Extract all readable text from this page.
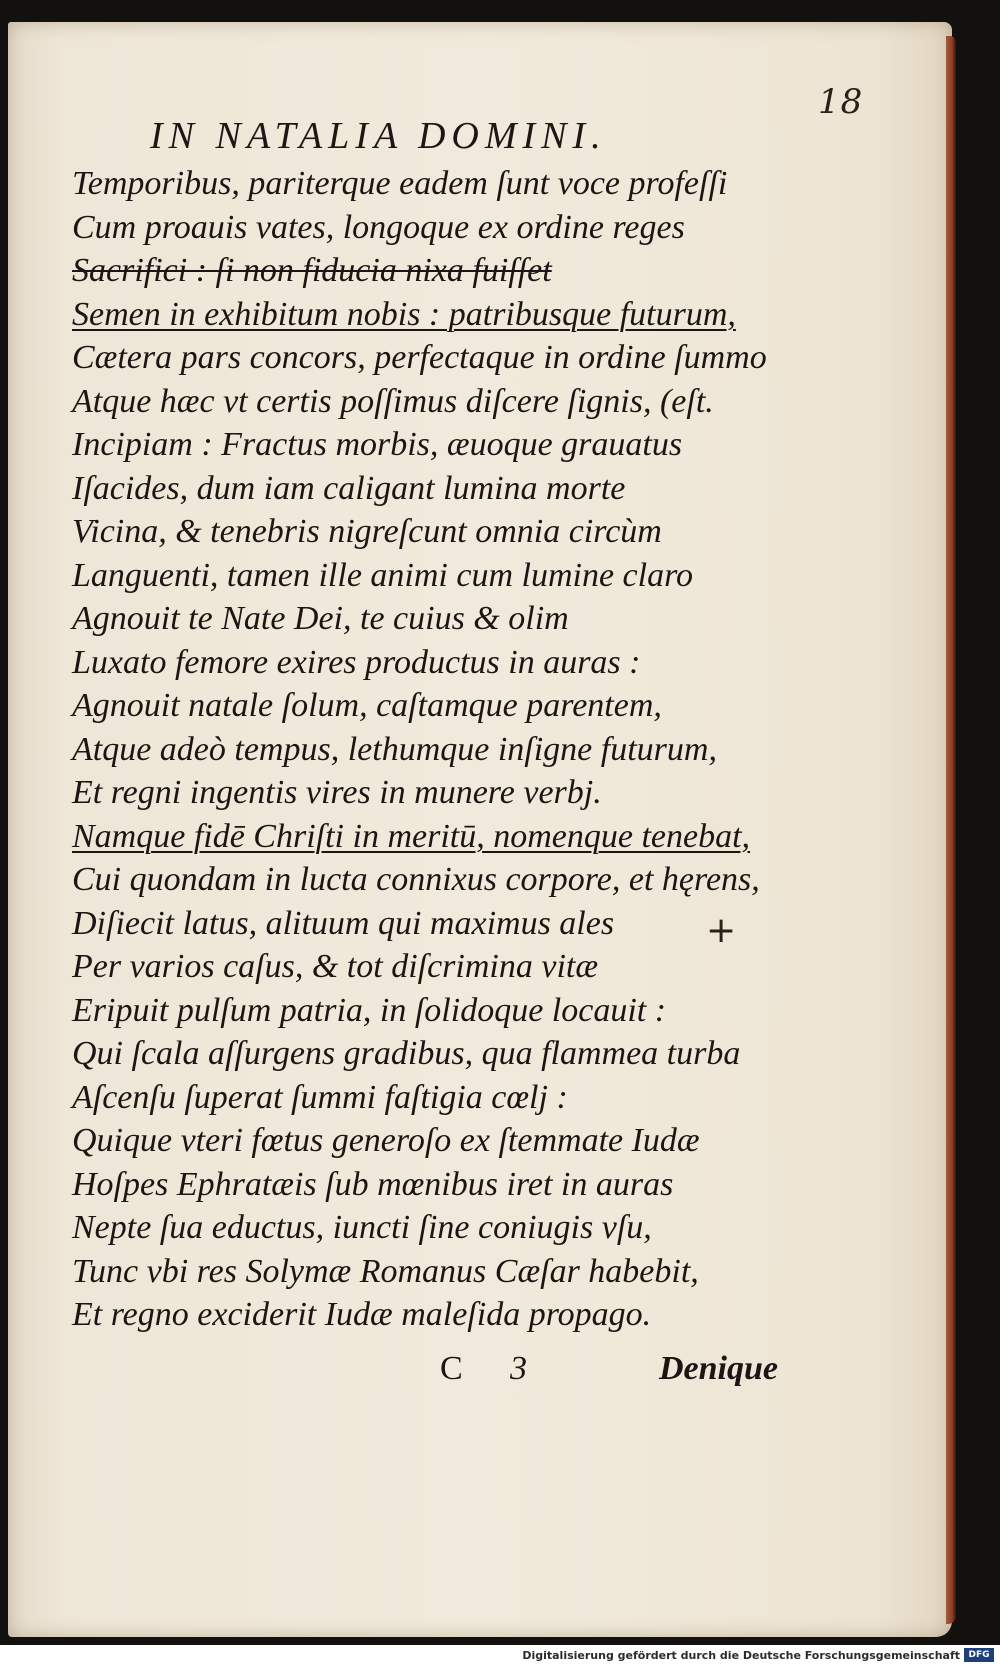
18
IN NATALIA DOMINI.
Temporibus, pariterque eadem ſunt voce profeſſi
Cum proauis vates, longoque ex ordine reges
Sacrifici : ſi non fiducia nixa fuiſſet
Semen in exhibitum nobis : patribusque futurum,
Cætera pars concors, perfectaque in ordine ſummo
Atque hæc vt certis poſſimus diſcere ſignis, (eſt.
Incipiam : Fractus morbis, æuoque grauatus
Iſacides, dum iam caligant lumina morte
Vicina, & tenebris nigreſcunt omnia circùm
Languenti, tamen ille animi cum lumine claro
Agnouit te Nate Dei, te cuius & olim
Luxato femore exires productus in auras :
Agnouit natale ſolum, caſtamque parentem,
Atque adeò tempus, lethumque inſigne futurum,
Et regni ingentis vires in munere verbj.
Namque fidē Chriſti in meritū, nomenque tenebat,
Cui quondam in lucta connixus corpore, et hęrens,
Diſiecit latus, alituum qui maximus ales
Per varios caſus, & tot diſcrimina vitæ
Eripuit pulſum patria, in ſolidoque locauit :
Qui ſcala aſſurgens gradibus, qua flammea turba
Aſcenſu ſuperat ſummi faſtigia cœlj :
Quique vteri fœtus generoſo ex ſtemmate Iudæ
Hoſpes Ephratæis ſub mœnibus iret in auras
Nepte ſua eductus, iuncti ſine coniugis vſu,
Tunc vbi res Solymæ Romanus Cæſar habebit,
Et regno exciderit Iudæ maleſida propago.
+
C 3	Denique
Digitalisierung gefördert durch die Deutsche Forschungsgemeinschaft DFG
